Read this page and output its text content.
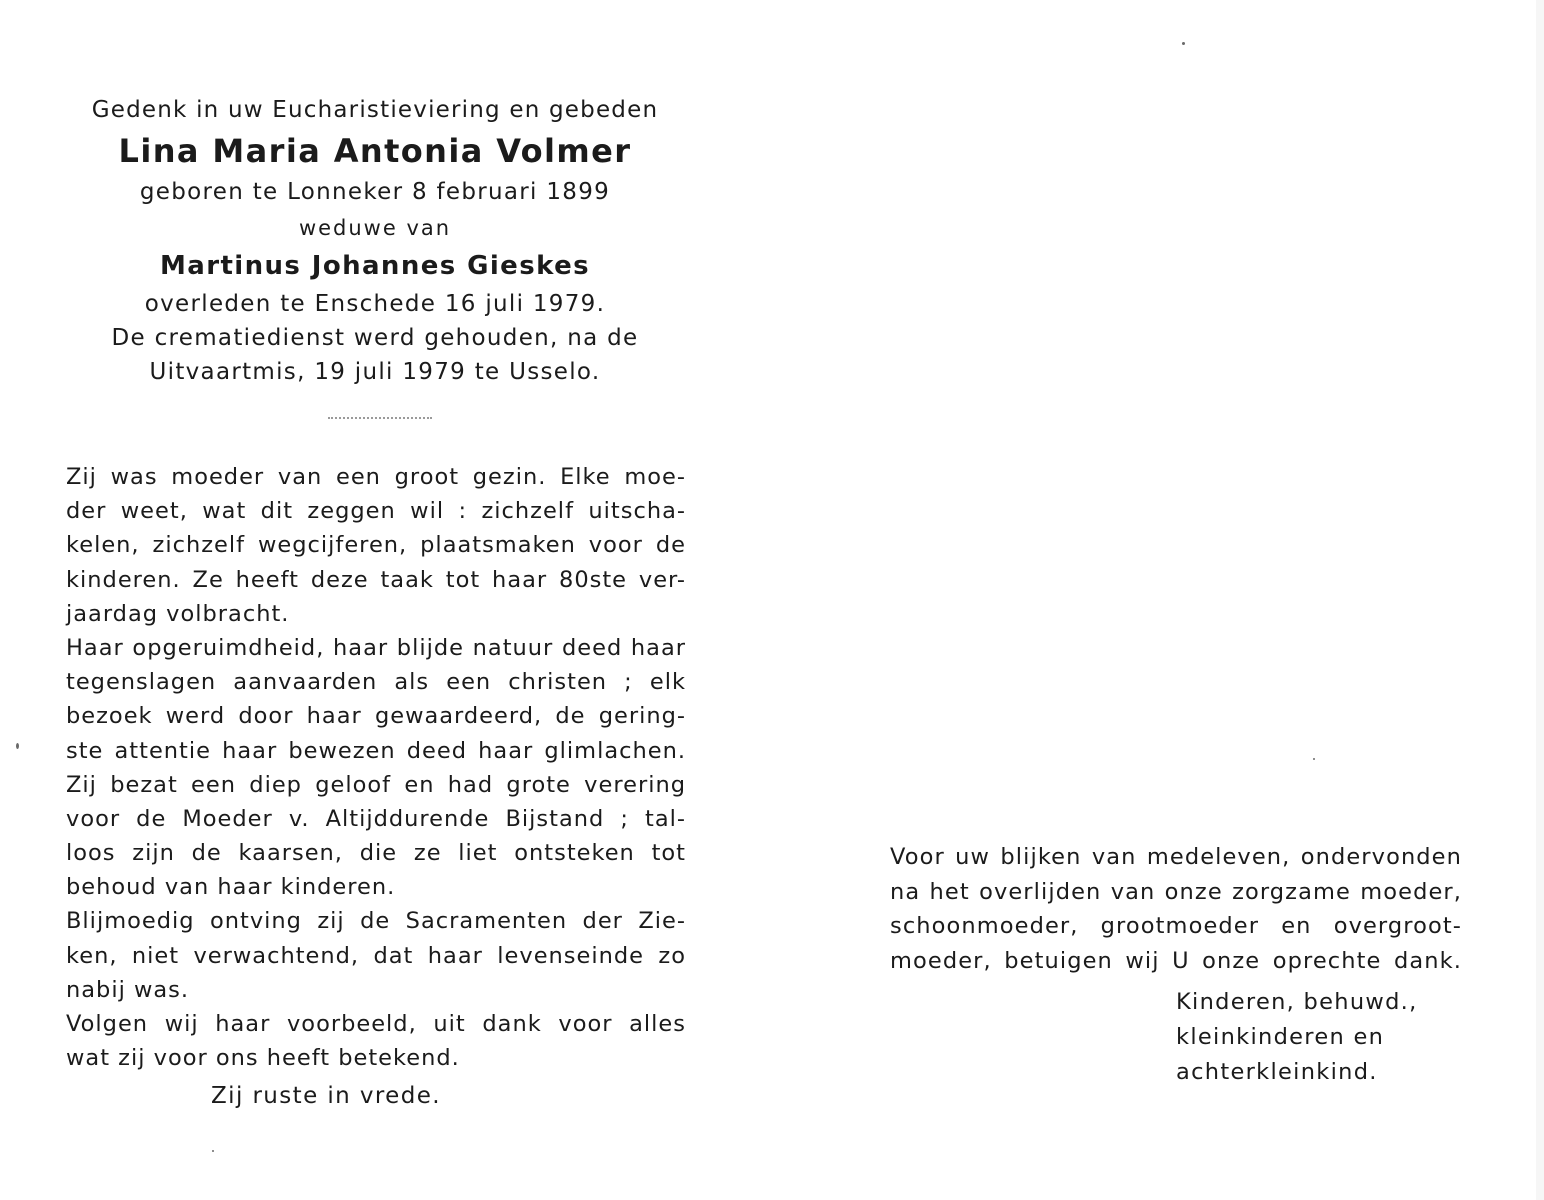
Gedenk in uw Eucharistieviering en gebeden
Lina Maria Antonia Volmer
geboren te Lonneker 8 februari 1899
weduwe van
Martinus Johannes Gieskes
overleden te Enschede 16 juli 1979.
De crematiedienst werd gehouden, na de
Uitvaartmis, 19 juli 1979 te Usselo.
Zij was moeder van een groot gezin. Elke moe-
der weet, wat dit zeggen wil : zichzelf uitscha-
kelen, zichzelf wegcijferen, plaatsmaken voor de
kinderen. Ze heeft deze taak tot haar 80ste ver-
jaardag volbracht.
Haar opgeruimdheid, haar blijde natuur deed haar
tegenslagen aanvaarden als een christen ; elk
bezoek werd door haar gewaardeerd, de gering-
ste attentie haar bewezen deed haar glimlachen.
Zij bezat een diep geloof en had grote verering
voor de Moeder v. Altijddurende Bijstand ; tal-
loos zijn de kaarsen, die ze liet ontsteken tot
behoud van haar kinderen.
Blijmoedig ontving zij de Sacramenten der Zie-
ken, niet verwachtend, dat haar levenseinde zo
nabij was.
Volgen wij haar voorbeeld, uit dank voor alles
wat zij voor ons heeft betekend.
Zij ruste in vrede.
Voor uw blijken van medeleven, ondervonden
na het overlijden van onze zorgzame moeder,
schoonmoeder, grootmoeder en overgroot-
moeder, betuigen wij U onze oprechte dank.
Kinderen, behuwd.,
kleinkinderen en
achterkleinkind.
